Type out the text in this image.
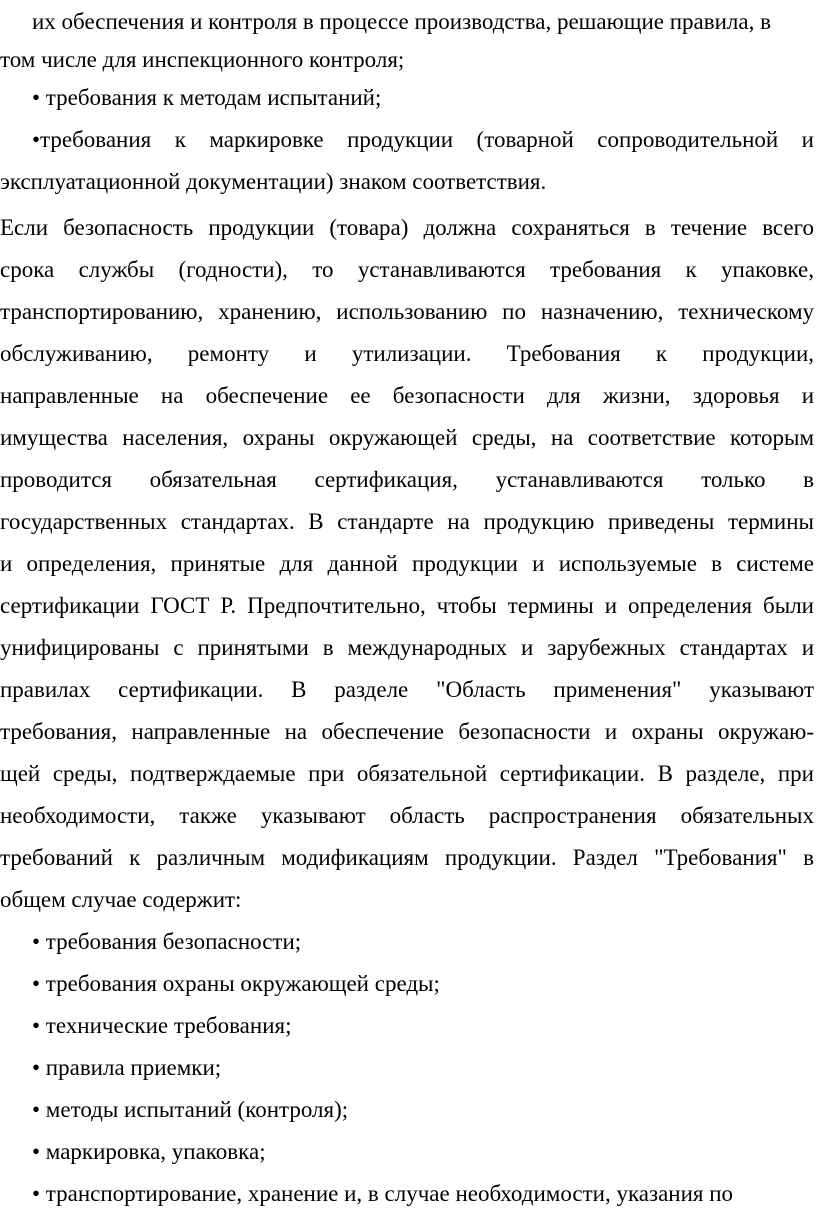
их обеспечения и контроля в процессе производства, решающие правила, в
том числе для инспекционного контроля;
• требования к методам испытаний;
•требования к маркировке продукции (товарной сопроводительной и
эксплуатационной документации) знаком соответствия.
Если безопасность продукции (товара) должна сохраняться в течение всего
срока службы (годности), то устанавливаются требования к упаковке,
транспортированию, хранению, использованию по назначению, техническому
обслуживанию, ремонту и утилизации. Требования к продукции,
направленные на обеспечение ее безопасности для жизни, здоровья и
имущества населения, охраны окружающей среды, на соответствие которым
проводится обязательная сертификация, устанавливаются только в
государственных стандартах. В стандарте на продукцию приведены термины
и определения, принятые для данной продукции и используемые в системе
сертификации ГОСТ Р. Предпочтительно, чтобы термины и определения были
унифицированы с принятыми в международных и зарубежных стандартах и
правилах сертификации. В разделе "Область применения" указывают
требования, направленные на обеспечение безопасности и охраны окружаю-
щей среды, подтверждаемые при обязательной сертификации. В разделе, при
необходимости, также указывают область распространения обязательных
требований к различным модификациям продукции. Раздел "Требования" в
общем случае содержит:
• требования безопасности;
• требования охраны окружающей среды;
• технические требования;
• правила приемки;
• методы испытаний (контроля);
• маркировка, упаковка;
• транспортирование, хранение и, в случае необходимости, указания по
